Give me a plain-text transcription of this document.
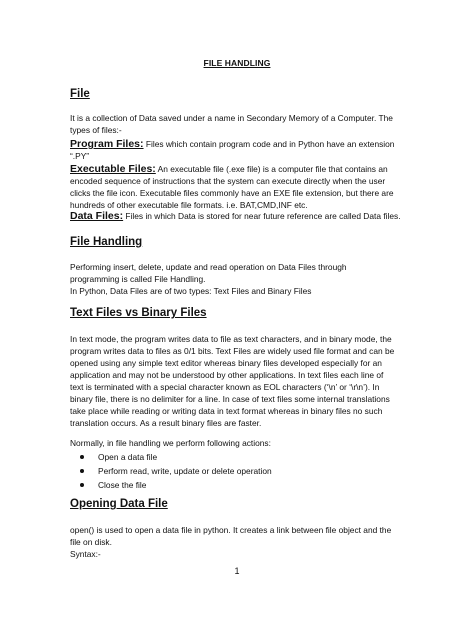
FILE HANDLING
File
It is a collection of Data saved under a name in Secondary Memory of a Computer. The
types of files:-
Program Files: Files which contain program code and in Python have an extension
“.PY”
Executable Files: An executable file (.exe file) is a computer file that contains an
encoded sequence of instructions that the system can execute directly when the user
clicks the file icon. Executable files commonly have an EXE file extension, but there are
hundreds of other executable file formats. i.e. BAT,CMD,INF etc.
Data Files: Files in which Data is stored for near future reference are called Data files.
File Handling
Performing insert, delete, update and read operation on Data Files through
programming is called File Handling.
In Python, Data Files are of two types: Text Files and Binary Files
Text Files vs Binary Files
In text mode, the program writes data to file as text characters, and in binary mode, the
program writes data to files as 0/1 bits. Text Files are widely used file format and can be
opened using any simple text editor whereas binary files developed especially for an
application and may not be understood by other applications. In text files each line of
text is terminated with a special character known as EOL characters (‘\n’ or ‘\r\n’). In
binary file, there is no delimiter for a line. In case of text files some internal translations
take place while reading or writing data in text format whereas in binary files no such
translation occurs. As a result binary files are faster.
Normally, in file handling we perform following actions:
Open a data file
Perform read, write, update or delete operation
Close the file
Opening Data File
open() is used to open a data file in python. It creates a link between file object and the
file on disk.
Syntax:-
1
